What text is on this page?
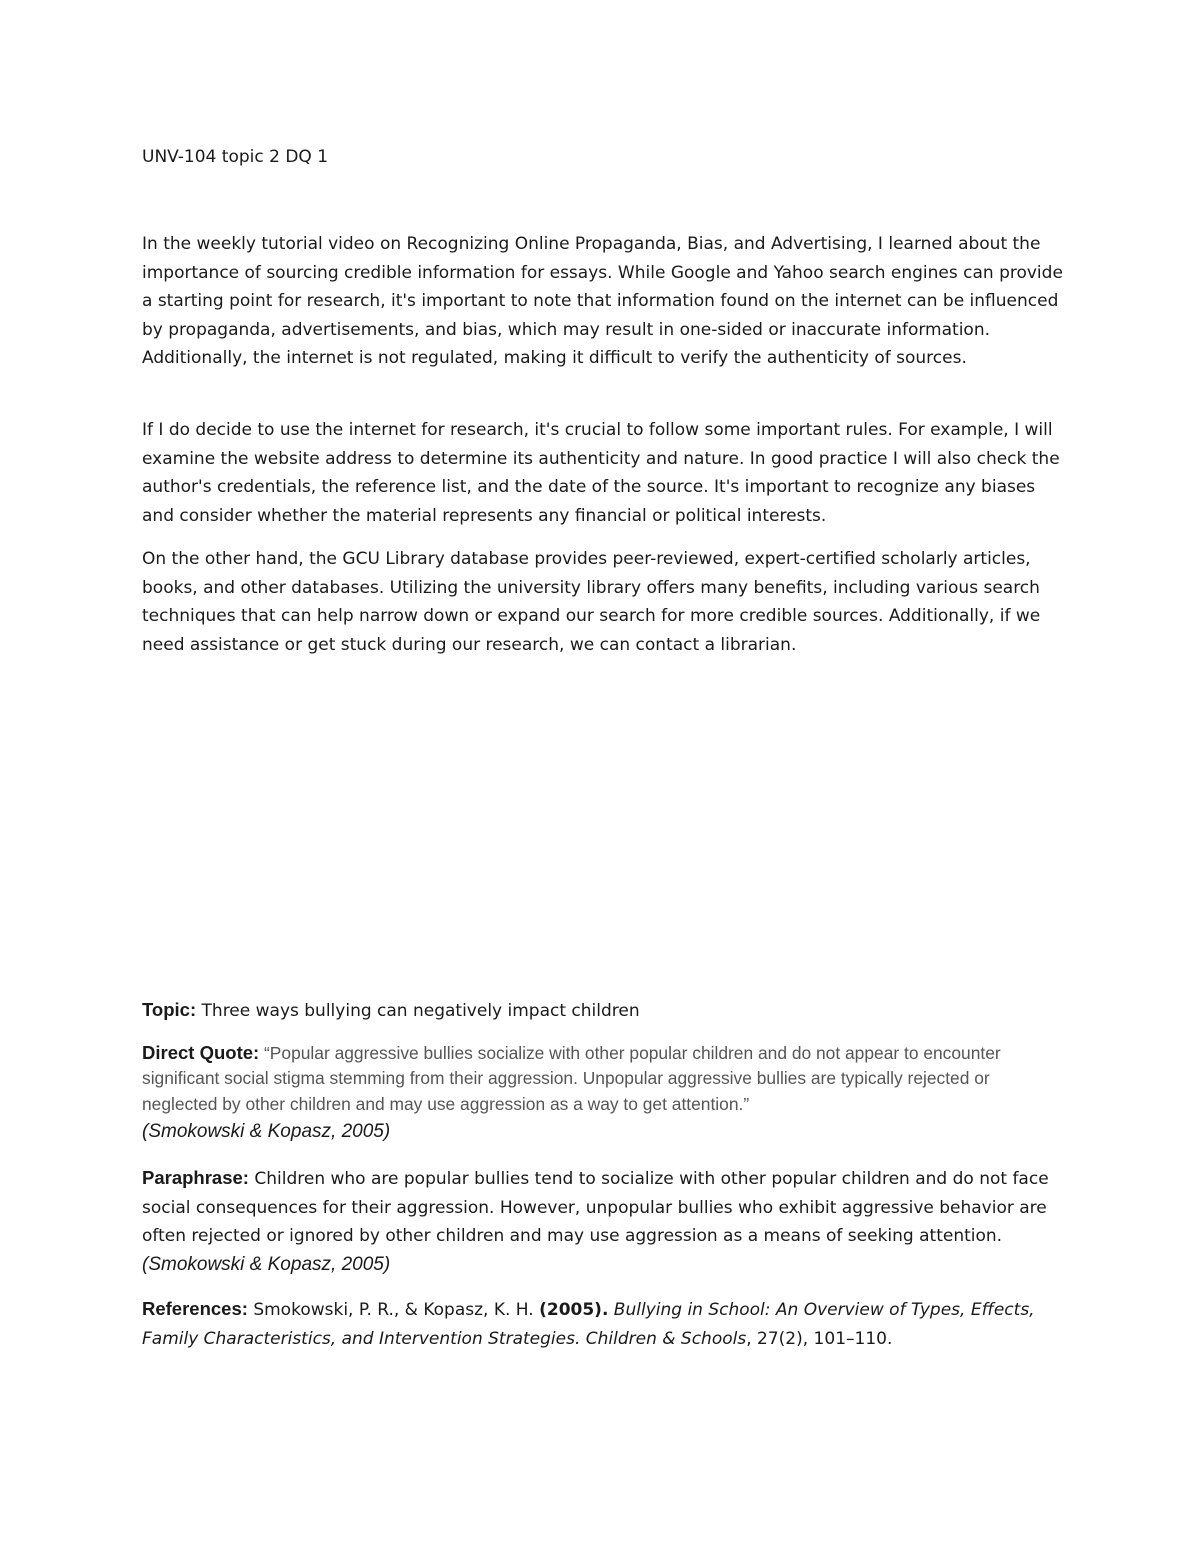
UNV-104 topic 2 DQ 1

In the weekly tutorial video on Recognizing Online Propaganda, Bias, and Advertising, I learned about the importance of sourcing credible information for essays. While Google and Yahoo search engines can provide a starting point for research, it's important to note that information found on the internet can be influenced by propaganda, advertisements, and bias, which may result in one-sided or inaccurate information. Additionally, the internet is not regulated, making it difficult to verify the authenticity of sources.

If I do decide to use the internet for research, it's crucial to follow some important rules. For example, I will examine the website address to determine its authenticity and nature. In good practice I will also check the author's credentials, the reference list, and the date of the source. It's important to recognize any biases and consider whether the material represents any financial or political interests.

On the other hand, the GCU Library database provides peer-reviewed, expert-certified scholarly articles, books, and other databases. Utilizing the university library offers many benefits, including various search techniques that can help narrow down or expand our search for more credible sources. Additionally, if we need assistance or get stuck during our research, we can contact a librarian.

Topic: Three ways bullying can negatively impact children

Direct Quote: “Popular aggressive bullies socialize with other popular children and do not appear to encounter significant social stigma stemming from their aggression. Unpopular aggressive bullies are typically rejected or neglected by other children and may use aggression as a way to get attention.”
(Smokowski & Kopasz, 2005)

Paraphrase: Children who are popular bullies tend to socialize with other popular children and do not face social consequences for their aggression. However, unpopular bullies who exhibit aggressive behavior are often rejected or ignored by other children and may use aggression as a means of seeking attention. (Smokowski & Kopasz, 2005)

References: Smokowski, P. R., & Kopasz, K. H. (2005). Bullying in School: An Overview of Types, Effects, Family Characteristics, and Intervention Strategies. Children & Schools, 27(2), 101–110.
